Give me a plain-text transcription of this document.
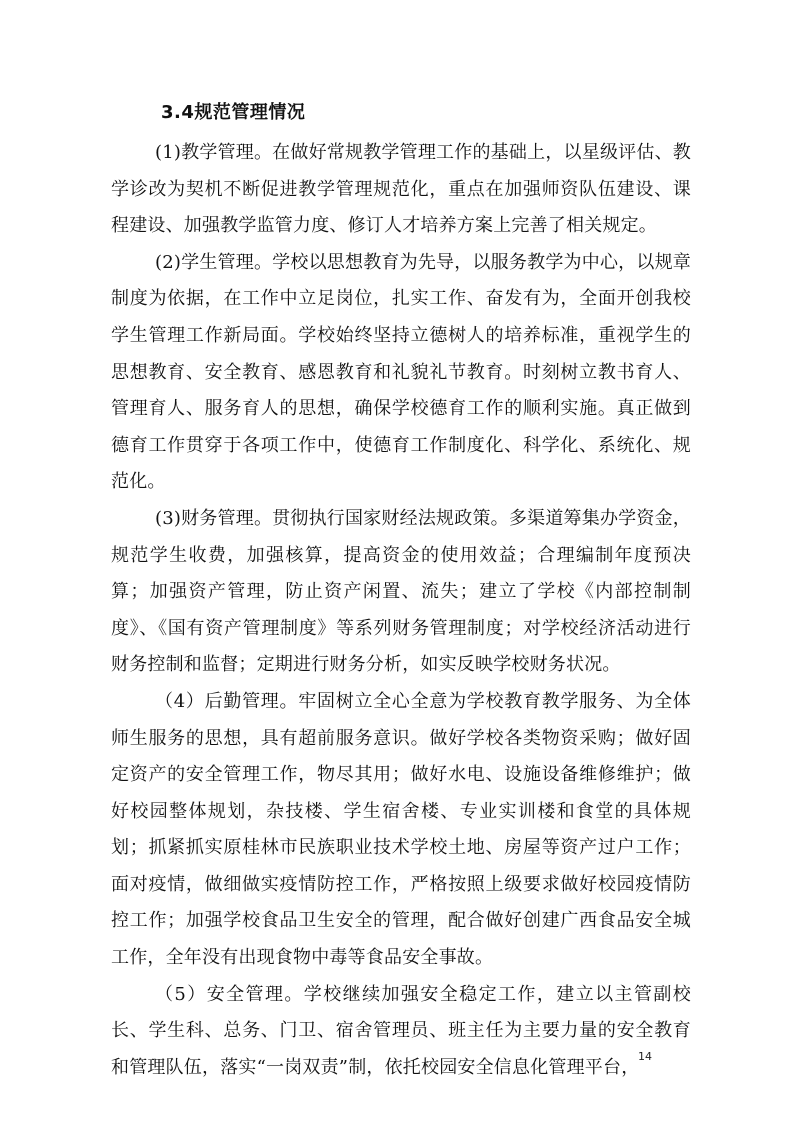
3.4规范管理情况

(1)教学管理。在做好常规教学管理工作的基础上，以星级评估、教学诊改为契机不断促进教学管理规范化，重点在加强师资队伍建设、课程建设、加强教学监管力度、修订人才培养方案上完善了相关规定。

(2)学生管理。学校以思想教育为先导，以服务教学为中心，以规章制度为依据，在工作中立足岗位，扎实工作、奋发有为，全面开创我校学生管理工作新局面。学校始终坚持立德树人的培养标准，重视学生的思想教育、安全教育、感恩教育和礼貌礼节教育。时刻树立教书育人、管理育人、服务育人的思想，确保学校德育工作的顺利实施。真正做到德育工作贯穿于各项工作中，使德育工作制度化、科学化、系统化、规范化。

(3)财务管理。贯彻执行国家财经法规政策。多渠道筹集办学资金，规范学生收费，加强核算，提高资金的使用效益；合理编制年度预决算；加强资产管理，防止资产闲置、流失；建立了学校《内部控制制度》、《国有资产管理制度》等系列财务管理制度；对学校经济活动进行财务控制和监督；定期进行财务分析，如实反映学校财务状况。

（4）后勤管理。牢固树立全心全意为学校教育教学服务、为全体师生服务的思想，具有超前服务意识。做好学校各类物资采购；做好固定资产的安全管理工作，物尽其用；做好水电、设施设备维修维护；做好校园整体规划，杂技楼、学生宿舍楼、专业实训楼和食堂的具体规划；抓紧抓实原桂林市民族职业技术学校土地、房屋等资产过户工作；面对疫情，做细做实疫情防控工作，严格按照上级要求做好校园疫情防控工作；加强学校食品卫生安全的管理，配合做好创建广西食品安全城工作，全年没有出现食物中毒等食品安全事故。

（5）安全管理。学校继续加强安全稳定工作，建立以主管副校长、学生科、总务、门卫、宿舍管理员、班主任为主要力量的安全教育和管理队伍，落实“一岗双责”制，依托校园安全信息化管理平台，

14
